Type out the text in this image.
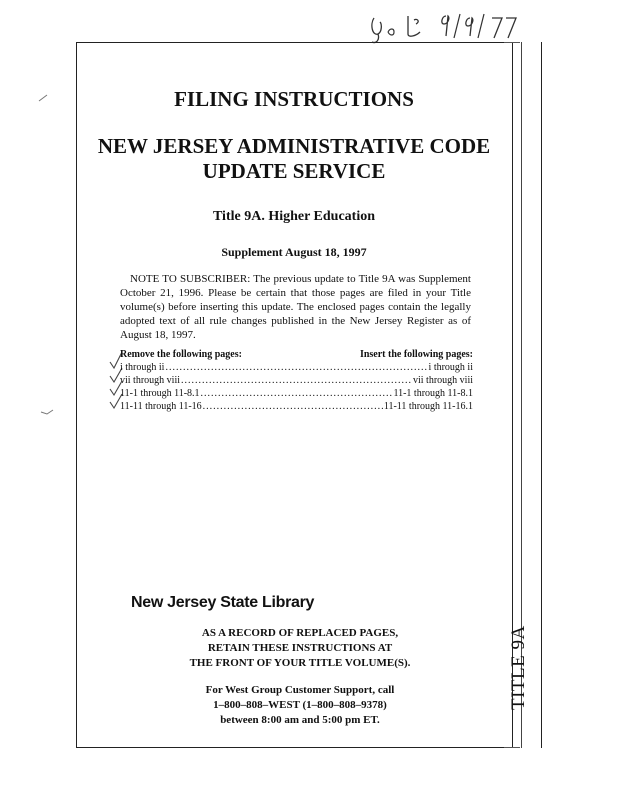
TITLE 9A
FILING INSTRUCTIONS
NEW JERSEY ADMINISTRATIVE CODE
UPDATE SERVICE
Title 9A. Higher Education
Supplement August 18, 1997
NOTE TO SUBSCRIBER: The previous update to Title 9A was Supplement October 21, 1996. Please be certain that those pages are filed in your Title volume(s) before inserting this update. The enclosed pages contain the legally adopted text of all rule changes published in the New Jersey Register as of August 18, 1997.
Remove the following pages:	Insert the following pages:
i through ii .....	i through ii
vii through viii .....	vii through viii
11-1 through 11-8.1 .....	11-1 through 11-8.1
11-11 through 11-16 .....	11-11 through 11-16.1
New Jersey State Library
AS A RECORD OF REPLACED PAGES,
RETAIN THESE INSTRUCTIONS AT
THE FRONT OF YOUR TITLE VOLUME(S).
For West Group Customer Support, call
1–800–808–WEST (1–800–808–9378)
between 8:00 am and 5:00 pm ET.
